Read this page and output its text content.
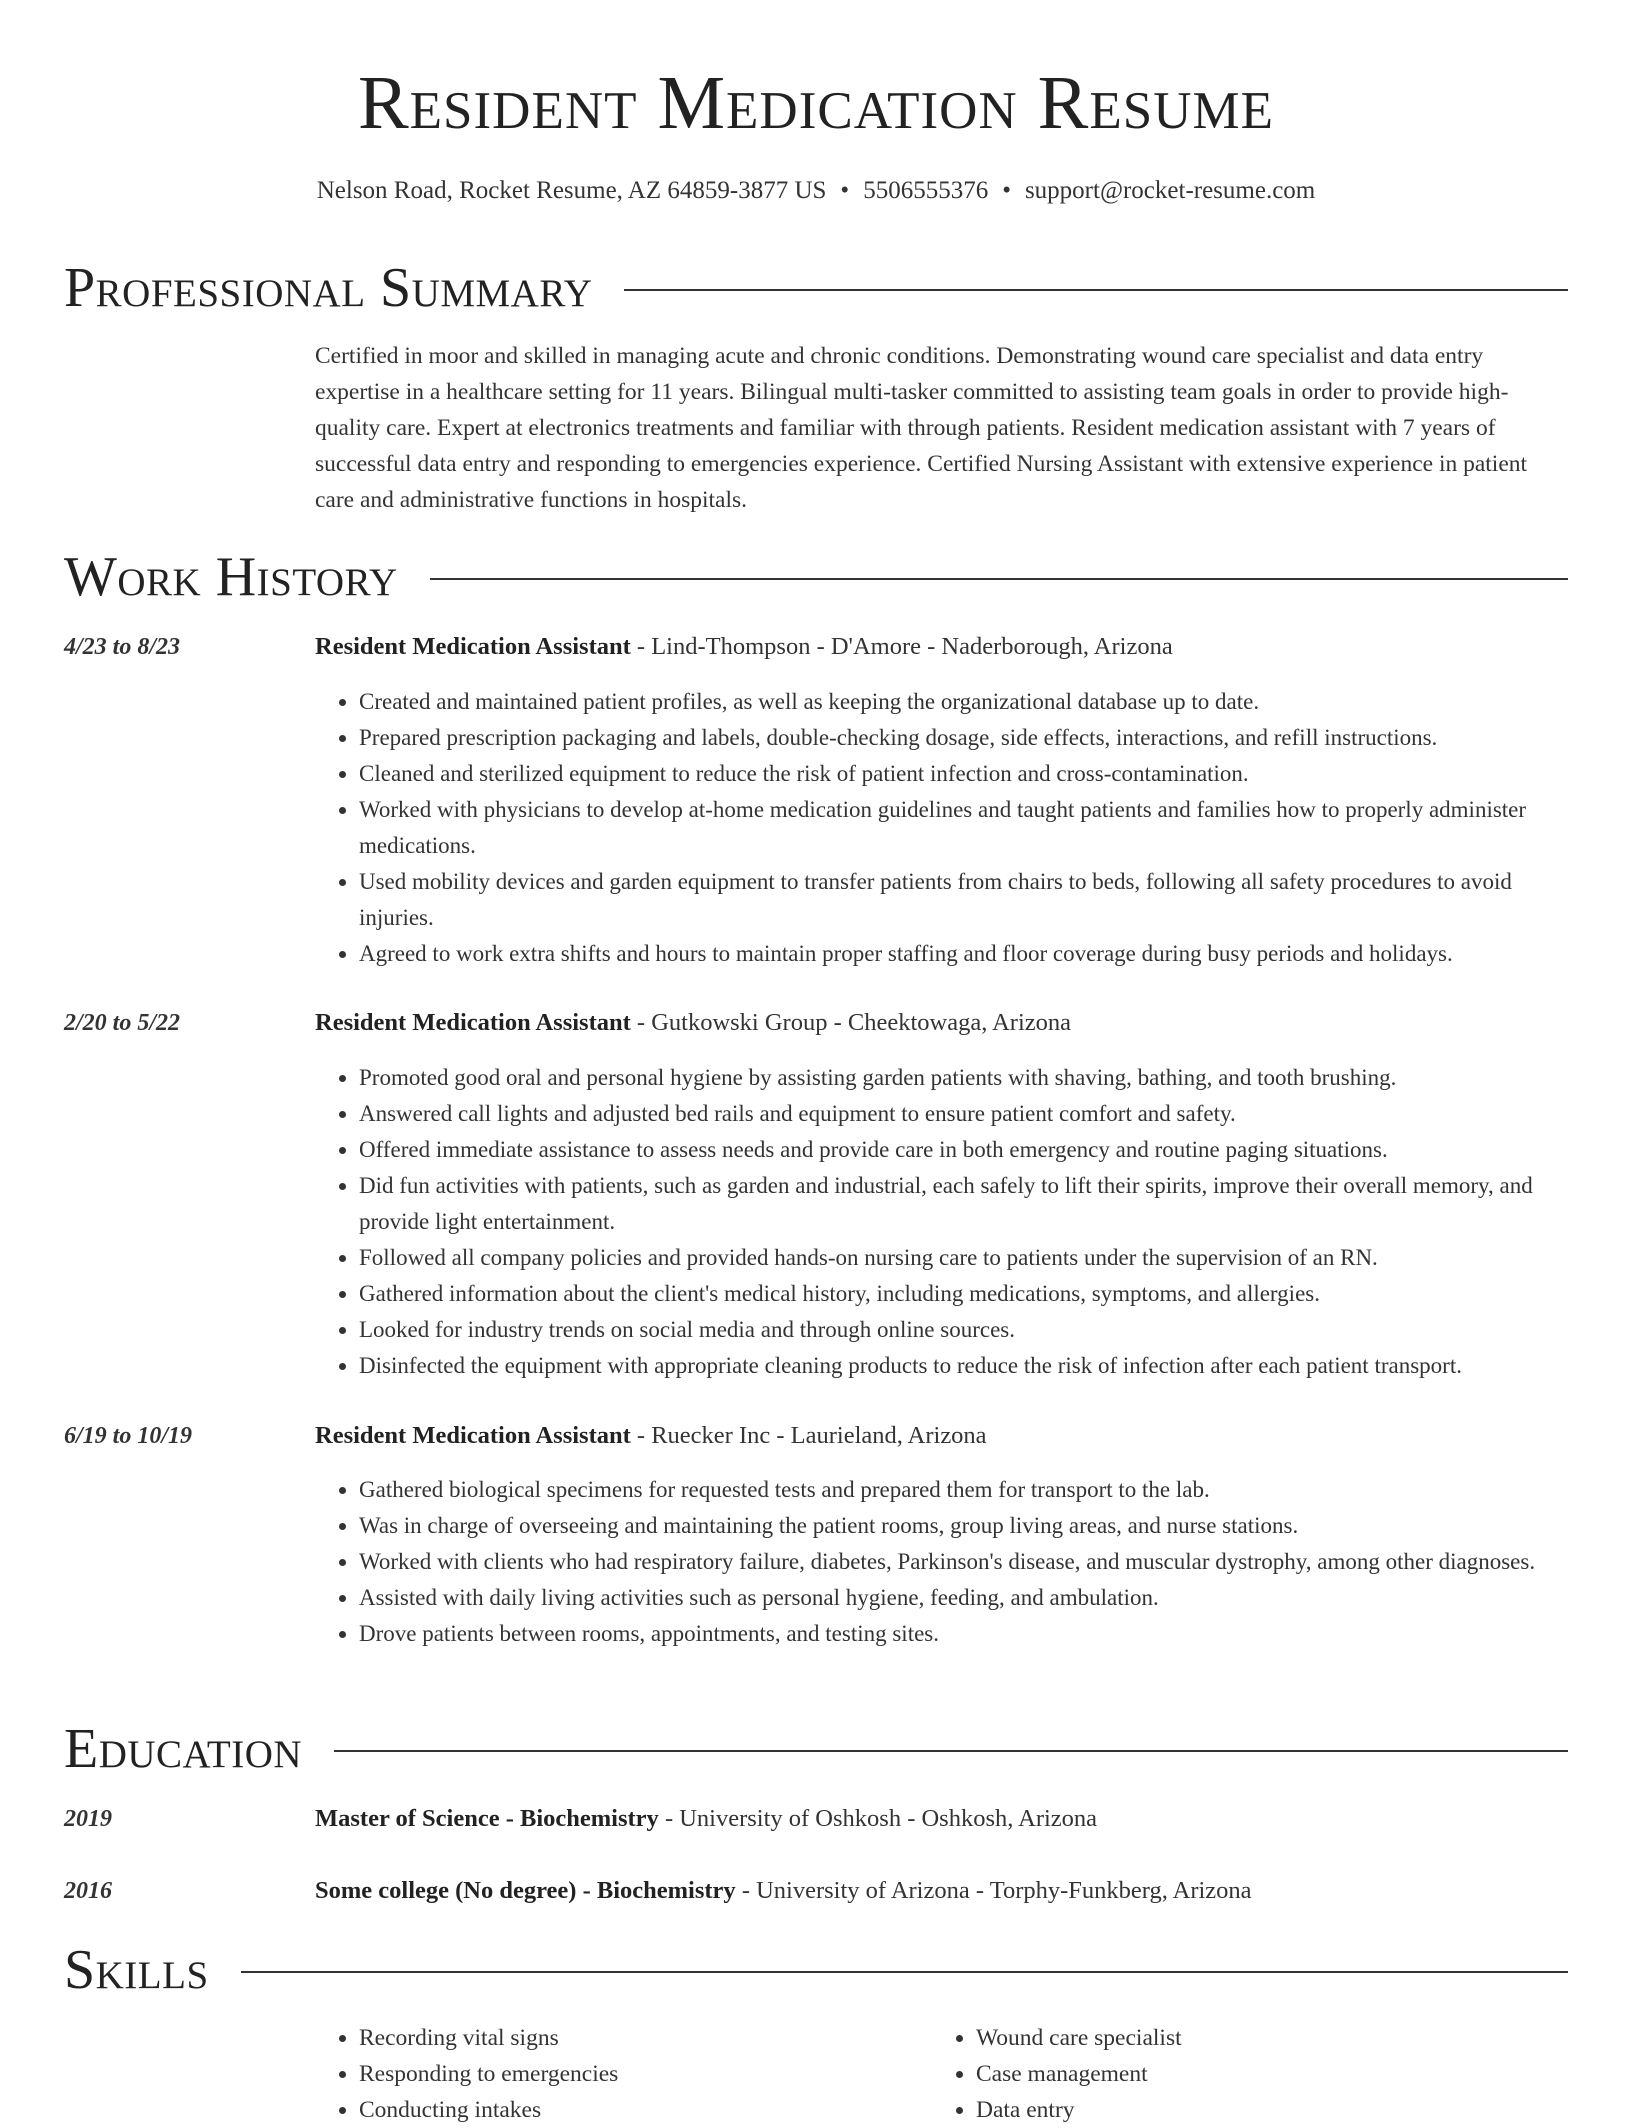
Resident Medication Resume
Nelson Road, Rocket Resume, AZ 64859-3877 US • 5506555376 • support@rocket-resume.com
Professional Summary
Certified in moor and skilled in managing acute and chronic conditions. Demonstrating wound care specialist and data entry expertise in a healthcare setting for 11 years. Bilingual multi-tasker committed to assisting team goals in order to provide high-quality care. Expert at electronics treatments and familiar with through patients. Resident medication assistant with 7 years of successful data entry and responding to emergencies experience. Certified Nursing Assistant with extensive experience in patient care and administrative functions in hospitals.
Work History
4/23 to 8/23	Resident Medication Assistant - Lind-Thompson - D'Amore - Naderborough, Arizona
• Created and maintained patient profiles, as well as keeping the organizational database up to date.
• Prepared prescription packaging and labels, double-checking dosage, side effects, interactions, and refill instructions.
• Cleaned and sterilized equipment to reduce the risk of patient infection and cross-contamination.
• Worked with physicians to develop at-home medication guidelines and taught patients and families how to properly administer medications.
• Used mobility devices and garden equipment to transfer patients from chairs to beds, following all safety procedures to avoid injuries.
• Agreed to work extra shifts and hours to maintain proper staffing and floor coverage during busy periods and holidays.
2/20 to 5/22	Resident Medication Assistant - Gutkowski Group - Cheektowaga, Arizona
• Promoted good oral and personal hygiene by assisting garden patients with shaving, bathing, and tooth brushing.
• Answered call lights and adjusted bed rails and equipment to ensure patient comfort and safety.
• Offered immediate assistance to assess needs and provide care in both emergency and routine paging situations.
• Did fun activities with patients, such as garden and industrial, each safely to lift their spirits, improve their overall memory, and provide light entertainment.
• Followed all company policies and provided hands-on nursing care to patients under the supervision of an RN.
• Gathered information about the client's medical history, including medications, symptoms, and allergies.
• Looked for industry trends on social media and through online sources.
• Disinfected the equipment with appropriate cleaning products to reduce the risk of infection after each patient transport.
6/19 to 10/19	Resident Medication Assistant - Ruecker Inc - Laurieland, Arizona
• Gathered biological specimens for requested tests and prepared them for transport to the lab.
• Was in charge of overseeing and maintaining the patient rooms, group living areas, and nurse stations.
• Worked with clients who had respiratory failure, diabetes, Parkinson's disease, and muscular dystrophy, among other diagnoses.
• Assisted with daily living activities such as personal hygiene, feeding, and ambulation.
• Drove patients between rooms, appointments, and testing sites.
Education
2019	Master of Science - Biochemistry - University of Oshkosh - Oshkosh, Arizona
2016	Some college (No degree) - Biochemistry - University of Arizona - Torphy-Funkberg, Arizona
Skills
• Recording vital signs
• Responding to emergencies
• Conducting intakes
• Wound care specialist
• Case management
• Data entry
